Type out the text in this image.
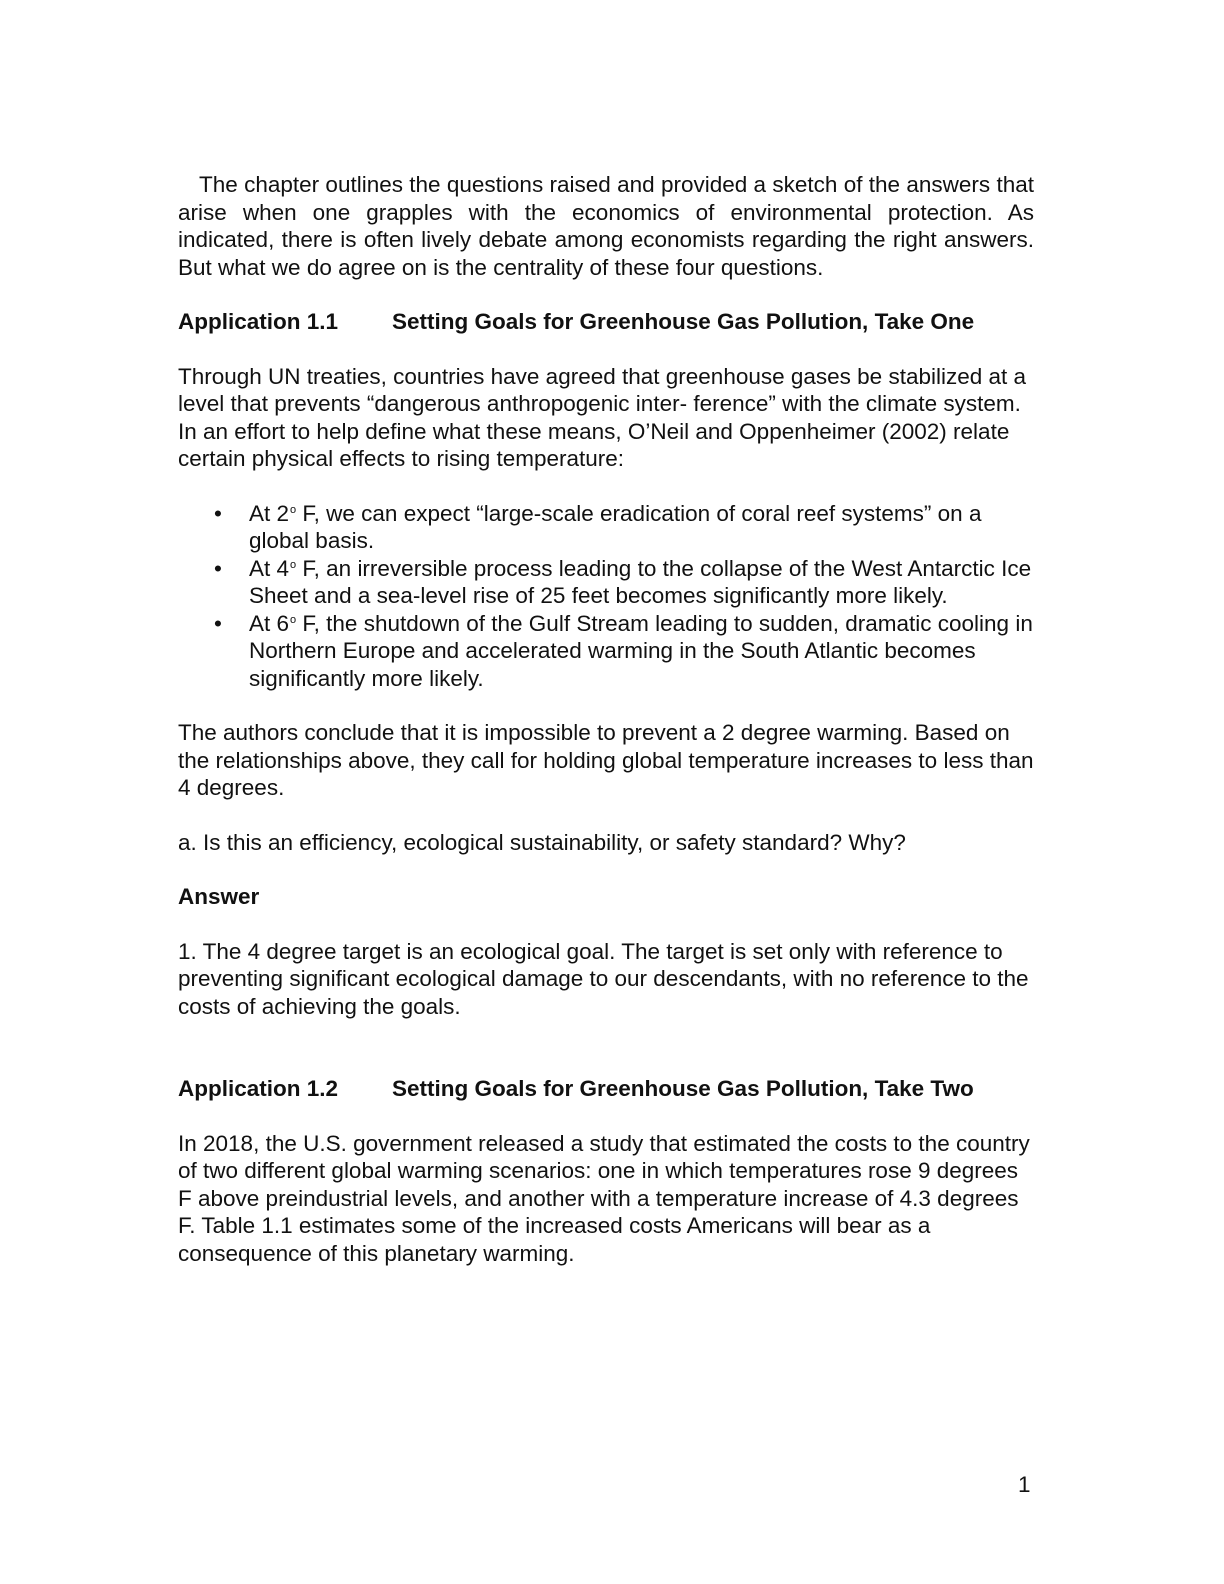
The chapter outlines the questions raised and provided a sketch of the answers that arise when one grapples with the economics of environmental protection. As indicated, there is often lively debate among economists regarding the right answers. But what we do agree on is the centrality of these four questions.

Application 1.1	Setting Goals for Greenhouse Gas Pollution, Take One

Through UN treaties, countries have agreed that greenhouse gases be stabilized at a level that prevents “dangerous anthropogenic inter- ference” with the climate system. In an effort to help define what these means, O’Neil and Oppenheimer (2002) relate certain physical effects to rising temperature:

• At 2$^o$ F, we can expect “large-scale eradication of coral reef systems” on a global basis.
• At 4$^o$ F, an irreversible process leading to the collapse of the West Antarctic Ice Sheet and a sea-level rise of 25 feet becomes significantly more likely.
• At 6$^o$ F, the shutdown of the Gulf Stream leading to sudden, dramatic cooling in Northern Europe and accelerated warming in the South Atlantic becomes significantly more likely.

The authors conclude that it is impossible to prevent a 2 degree warming. Based on the relationships above, they call for holding global temperature increases to less than 4 degrees.

a. Is this an efficiency, ecological sustainability, or safety standard? Why?

Answer

1. The 4 degree target is an ecological goal. The target is set only with reference to preventing significant ecological damage to our descendants, with no reference to the costs of achieving the goals.

Application 1.2	Setting Goals for Greenhouse Gas Pollution, Take Two

In 2018, the U.S. government released a study that estimated the costs to the country of two different global warming scenarios: one in which temperatures rose 9 degrees F above preindustrial levels, and another with a temperature increase of 4.3 degrees F. Table 1.1 estimates some of the increased costs Americans will bear as a consequence of this planetary warming.

1
